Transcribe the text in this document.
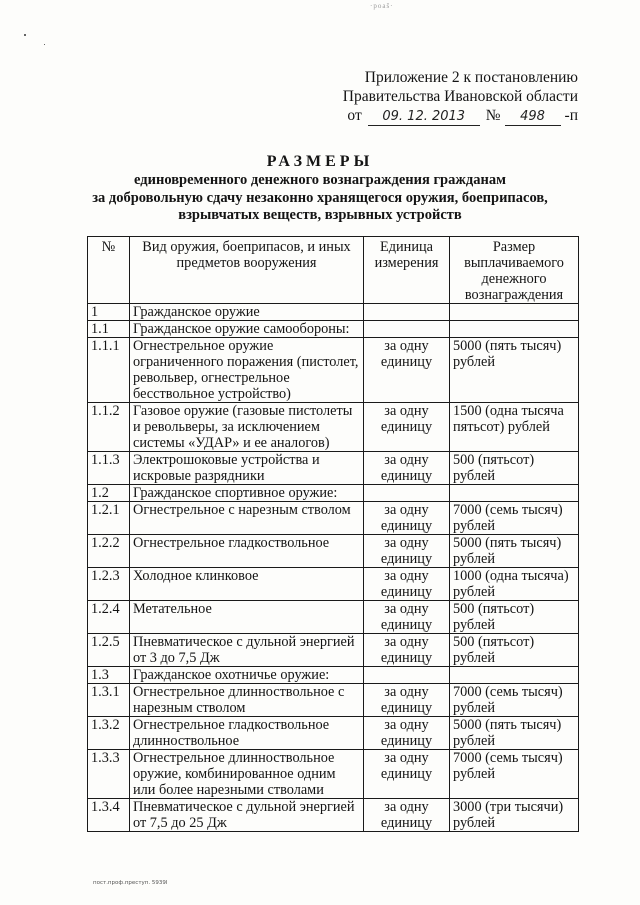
·poaš·
Приложение 2 к постановлению
Правительства Ивановской области
от 09. 12. 2013 № 498 -п
РАЗМЕРЫ
единовременного денежного вознаграждения гражданам
за добровольную сдачу незаконно хранящегося оружия, боеприпасов,
взрывчатых веществ, взрывных устройств
№	Вид оружия, боеприпасов, и иных предметов вооружения	Единица измерения	Размер выплачиваемого денежного вознаграждения
1	Гражданское оружие		
1.1	Гражданское оружие самообороны:		
1.1.1	Огнестрельное оружие ограниченного поражения (пистолет, револьвер, огнестрельное бесствольное устройство)	за одну единицу	5000 (пять тысяч) рублей
1.1.2	Газовое оружие (газовые пистолеты и револьверы, за исключением системы «УДАР» и ее аналогов)	за одну единицу	1500 (одна тысяча пятьсот) рублей
1.1.3	Электрошоковые устройства и искровые разрядники	за одну единицу	500 (пятьсот) рублей
1.2	Гражданское спортивное оружие:		
1.2.1	Огнестрельное с нарезным стволом	за одну единицу	7000 (семь тысяч) рублей
1.2.2	Огнестрельное гладкоствольное	за одну единицу	5000 (пять тысяч) рублей
1.2.3	Холодное клинковое	за одну единицу	1000 (одна тысяча) рублей
1.2.4	Метательное	за одну единицу	500 (пятьсот) рублей
1.2.5	Пневматическое с дульной энергией от 3 до 7,5 Дж	за одну единицу	500 (пятьсот) рублей
1.3	Гражданское охотничье оружие:		
1.3.1	Огнестрельное длинноствольное с нарезным стволом	за одну единицу	7000 (семь тысяч) рублей
1.3.2	Огнестрельное гладкоствольное длинноствольное	за одну единицу	5000 (пять тысяч) рублей
1.3.3	Огнестрельное длинноствольное оружие, комбинированное одним или более нарезными стволами	за одну единицу	7000 (семь тысяч) рублей
1.3.4	Пневматическое с дульной энергией от 7,5 до 25 Дж	за одну единицу	3000 (три тысячи) рублей
пост.проф.преступ. 5939I
